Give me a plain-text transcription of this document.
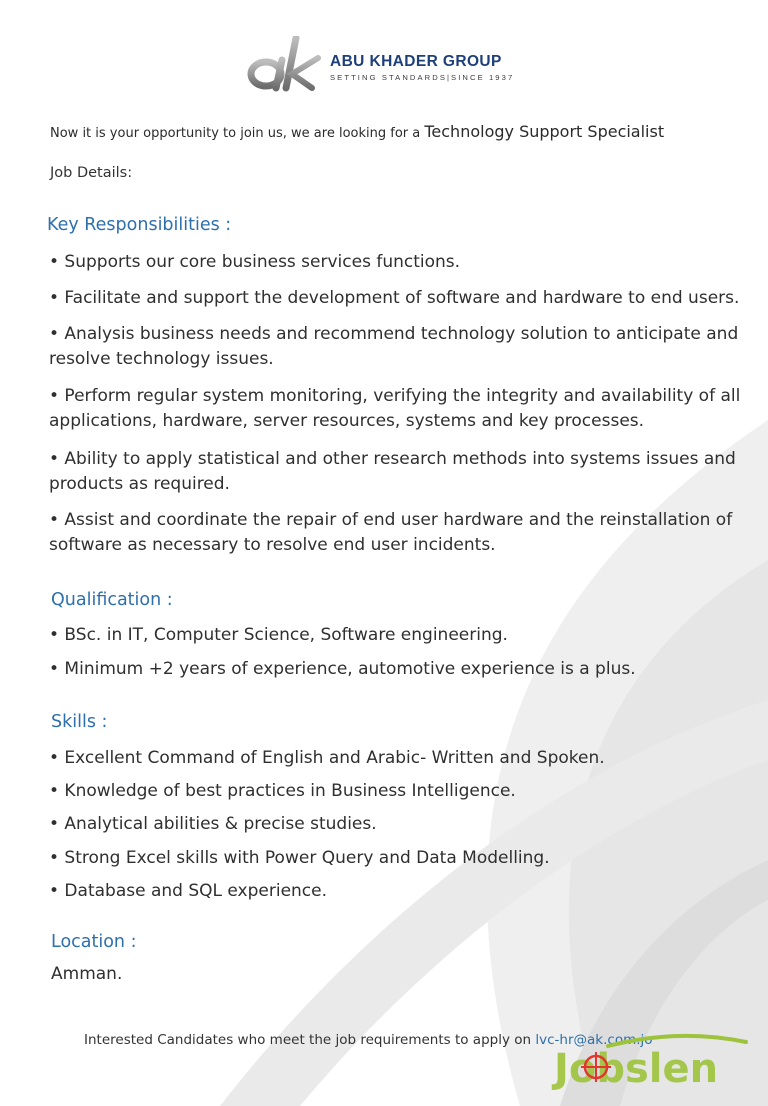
ABU KHADER GROUP
SETTING STANDARDS|SINCE 1937
Now it is your opportunity to join us, we are looking for a Technology Support Specialist
Job Details:
Key Responsibilities :
• Supports our core business services functions.
• Facilitate and support the development of software and hardware to end users.
• Analysis business needs and recommend technology solution to anticipate and resolve technology issues.
• Perform regular system monitoring, verifying the integrity and availability of all applications, hardware, server resources, systems and key processes.
• Ability to apply statistical and other research methods into systems issues and products as required.
• Assist and coordinate the repair of end user hardware and the reinstallation of software as necessary to resolve end user incidents.
Qualification :
• BSc. in IT, Computer Science, Software engineering.
• Minimum +2 years of experience, automotive experience is a plus.
Skills :
• Excellent Command of English and Arabic- Written and Spoken.
• Knowledge of best practices in Business Intelligence.
• Analytical abilities & precise studies.
• Strong Excel skills with Power Query and Data Modelling.
• Database and SQL experience.
Location :
Amman.
Interested Candidates who meet the job requirements to apply on lvc-hr@ak.com.jo
Jobslen
